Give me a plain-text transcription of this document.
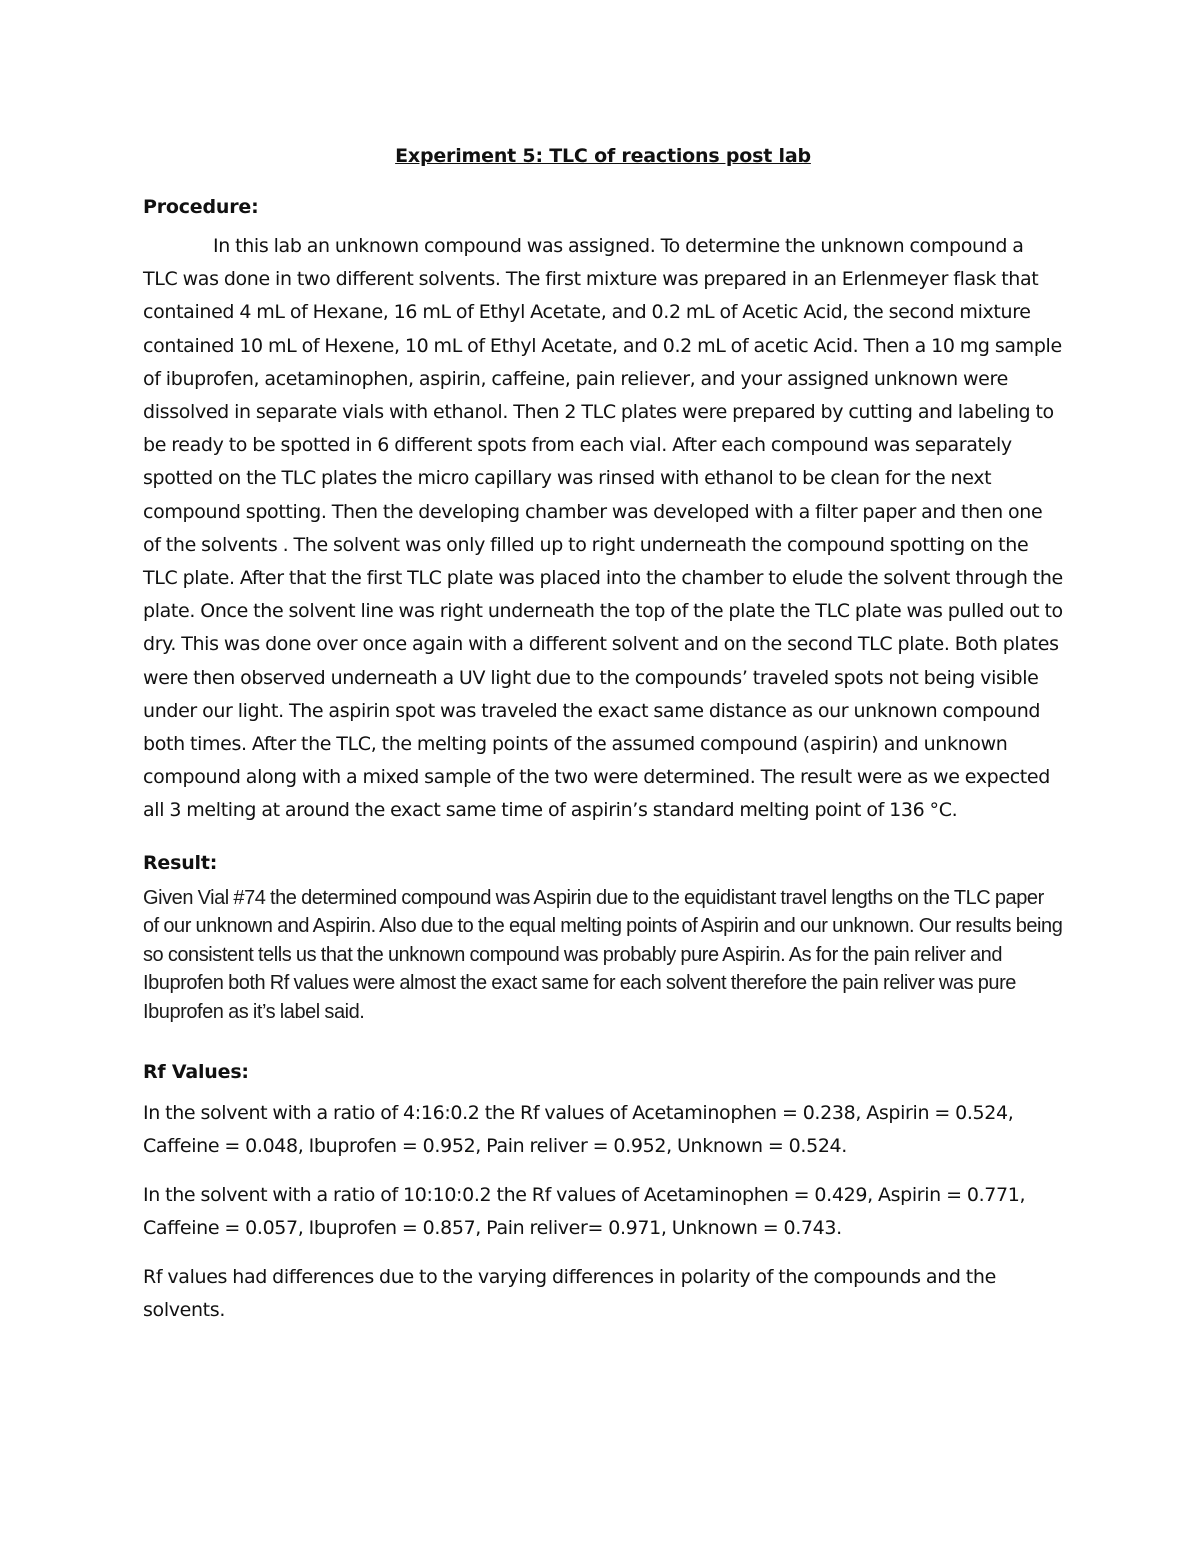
Experiment 5: TLC of reactions post lab
Procedure:

In this lab an unknown compound was assigned. To determine the unknown compound a TLC was done in two different solvents. The first mixture was prepared in an Erlenmeyer flask that contained 4 mL of Hexane, 16 mL of Ethyl Acetate, and 0.2 mL of Acetic Acid, the second mixture contained 10 mL of Hexene, 10 mL of Ethyl Acetate, and 0.2 mL of acetic Acid. Then a 10 mg sample of ibuprofen, acetaminophen, aspirin, caffeine, pain reliever, and your assigned unknown were dissolved in separate vials with ethanol. Then 2 TLC plates were prepared by cutting and labeling to be ready to be spotted in 6 different spots from each vial. After each compound was separately spotted on the TLC plates the micro capillary was rinsed with ethanol to be clean for the next compound spotting. Then the developing chamber was developed with a filter paper and then one of the solvents . The solvent was only filled up to right underneath the compound spotting on the TLC plate. After that the first TLC plate was placed into the chamber to elude the solvent through the plate. Once the solvent line was right underneath the top of the plate the TLC plate was pulled out to dry. This was done over once again with a different solvent and on the second TLC plate. Both plates were then observed underneath a UV light due to the compounds’ traveled spots not being visible under our light. The aspirin spot was traveled the exact same distance as our unknown compound both times. After the TLC, the melting points of the assumed compound (aspirin) and unknown compound along with a mixed sample of the two were determined. The result were as we expected all 3 melting at around the exact same time of aspirin’s standard melting point of 136 °C.

Result:

Given Vial #74 the determined compound was Aspirin due to the equidistant travel lengths on the TLC paper of our unknown and Aspirin. Also due to the equal melting points of Aspirin and our unknown. Our results being so consistent tells us that the unknown compound was probably pure Aspirin. As for the pain reliver and Ibuprofen both Rf values were almost the exact same for each solvent therefore the pain reliver was pure Ibuprofen as it’s label said.

Rf Values:

In the solvent with a ratio of 4:16:0.2 the Rf values of Acetaminophen = 0.238, Aspirin = 0.524, Caffeine = 0.048, Ibuprofen = 0.952, Pain reliver = 0.952, Unknown = 0.524.

In the solvent with a ratio of 10:10:0.2 the Rf values of Acetaminophen = 0.429, Aspirin = 0.771, Caffeine = 0.057, Ibuprofen = 0.857, Pain reliver= 0.971, Unknown = 0.743.

Rf values had differences due to the varying differences in polarity of the compounds and the solvents.
